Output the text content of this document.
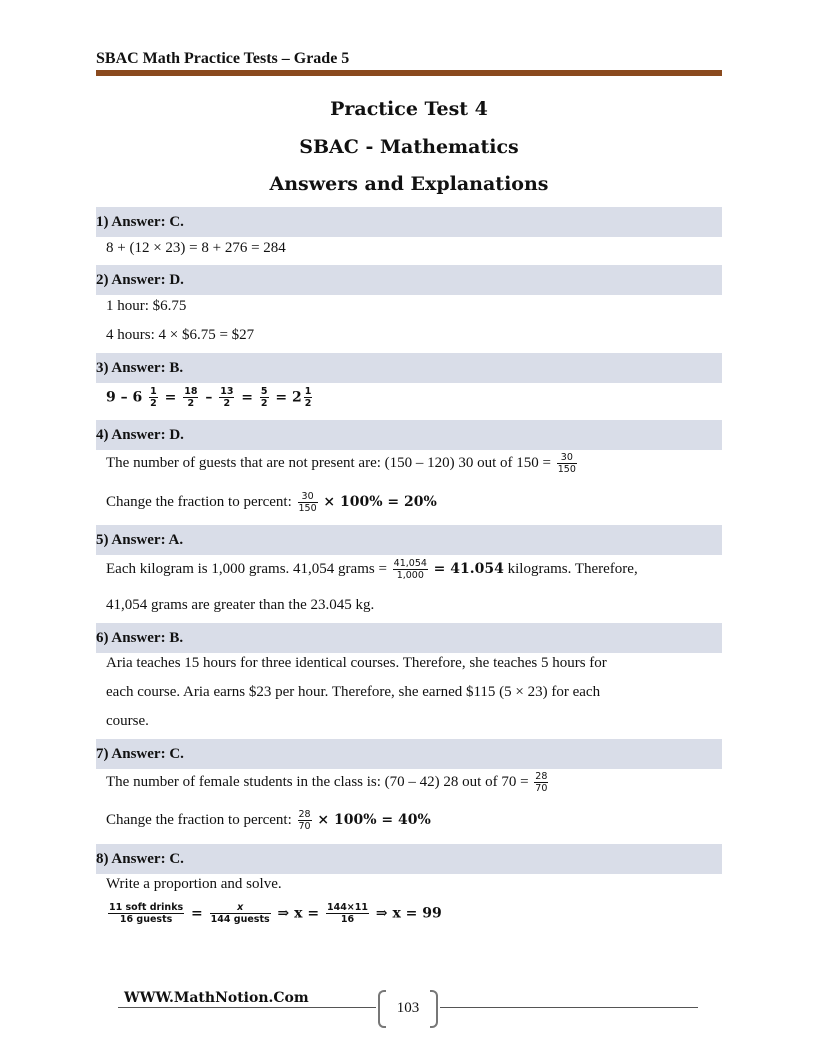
SBAC Math Practice Tests – Grade 5
Practice Test 4
SBAC - Mathematics
Answers and Explanations
1) Answer: C.
8 + (12 × 23) = 8 + 276 = 284
2) Answer: D.
1 hour: $6.75
4 hours: 4 × $6.75 = $27
3) Answer: B.
$9 - 6 \frac{1}{2} = \frac{18}{2} - \frac{13}{2} = \frac{5}{2} = 2 \frac{1}{2}$
4) Answer: D.
The number of guests that are not present are: (150 – 120) 30 out of $150 = \frac{30}{150}$
Change the fraction to percent: $\frac{30}{150} \times 100\% = 20\%$
5) Answer: A.
Each kilogram is 1,000 grams. 41,054 grams = $\frac{41,054}{1,000} = 41.054$ kilograms. Therefore,
41,054 grams are greater than the 23.045 kg.
6) Answer: B.
Aria teaches 15 hours for three identical courses. Therefore, she teaches 5 hours for
each course. Aria earns $23 per hour. Therefore, she earned $115 (5 × 23) for each
course.
7) Answer: C.
The number of female students in the class is: (70 – 42) 28 out of $70 = \frac{28}{70}$
Change the fraction to percent: $\frac{28}{70} \times 100\% = 40\%$
8) Answer: C.
Write a proportion and solve.
$\frac{\text{11 soft drinks}}{\text{16 guests}} = \frac{x}{\text{144 guests}}$ ⇒ $x = \frac{144\times 11}{16}$ ⇒ x = 99
WWW.MathNotion.Com
103
